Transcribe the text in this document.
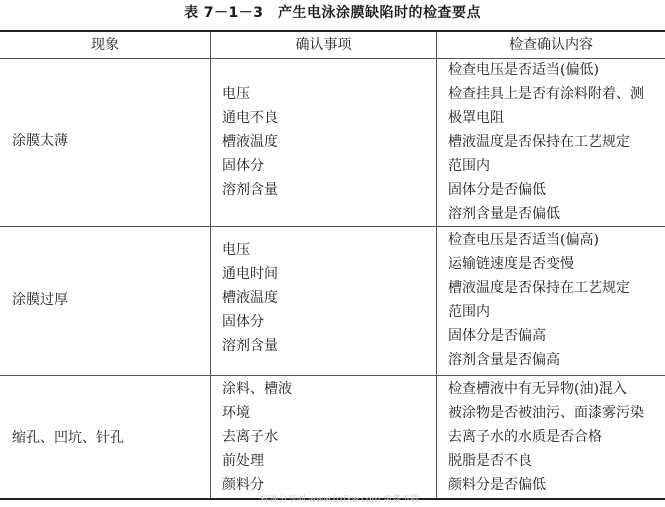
表 7－1－3　产生电泳涂膜缺陷时的检查要点
现象	确认事项	检查确认内容
涂膜太薄
电压
通电不良
槽液温度
固体分
溶剂含量
检查电压是否适当(偏低)
检查挂具上是否有涂料附着、测
极罩电阻
槽液温度是否保持在工艺规定
范围内
固体分是否偏低
溶剂含量是否偏低
涂膜过厚
电压
通电时间
槽液温度
固体分
溶剂含量
检查电压是否适当(偏高)
运输链速度是否变慢
槽液温度是否保持在工艺规定
范围内
固体分是否偏高
溶剂含量是否偏高
缩孔、凹坑、针孔
涂料、槽液
环境
去离子水
前处理
颜料分
检查槽液中有无异物(油)混入
被涂物是否被油污、面漆雾污染
去离子水的水质是否合格
脱脂是否不良
颜料分是否偏低
标准分享网 www.bzfxw.com 免费下载
